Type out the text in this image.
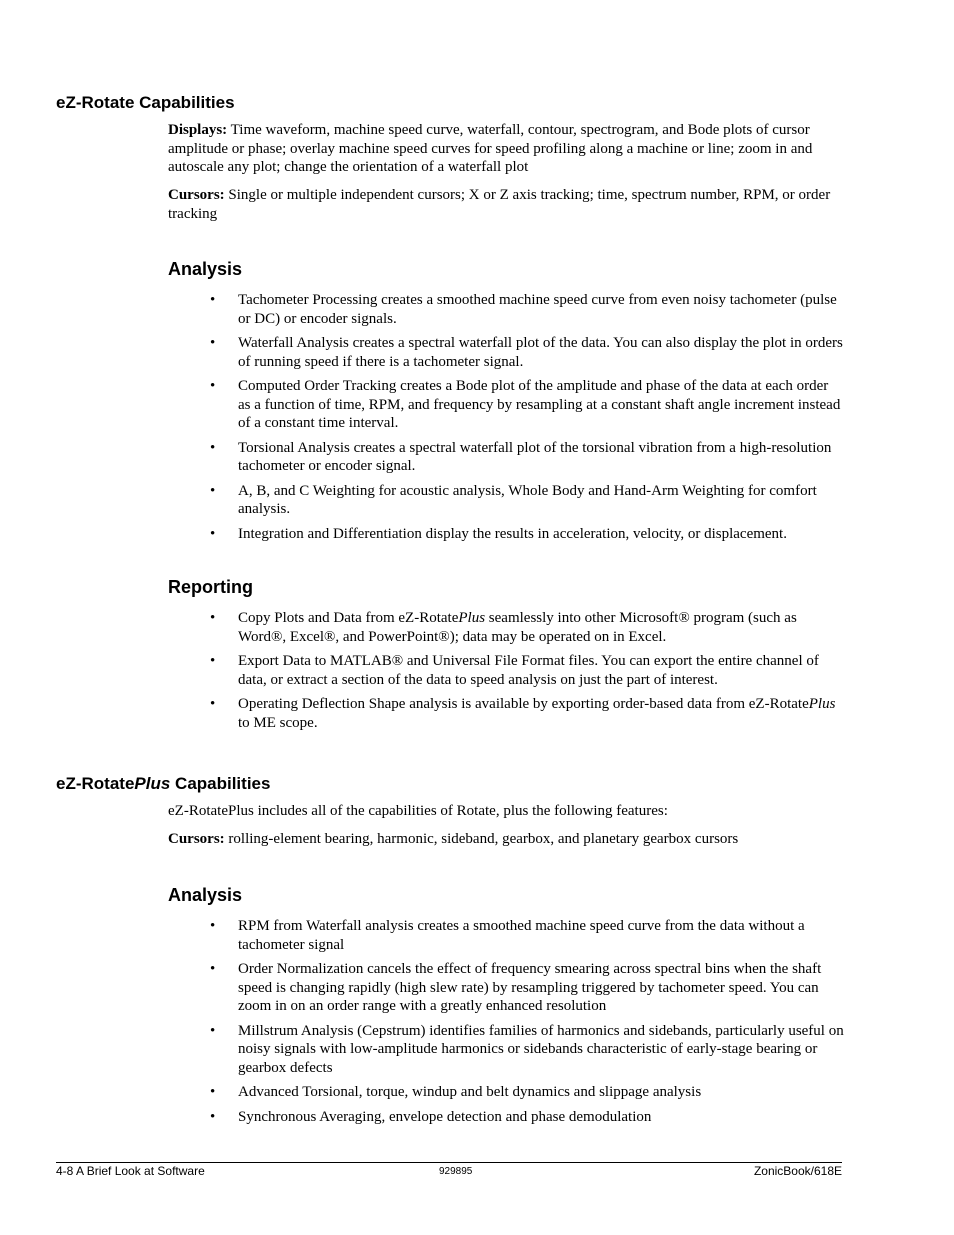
eZ-Rotate Capabilities

Displays: Time waveform, machine speed curve, waterfall, contour, spectrogram, and Bode plots of cursor amplitude or phase; overlay machine speed curves for speed profiling along a machine or line; zoom in and autoscale any plot; change the orientation of a waterfall plot

Cursors: Single or multiple independent cursors; X or Z axis tracking; time, spectrum number, RPM, or order tracking

Analysis
• Tachometer Processing creates a smoothed machine speed curve from even noisy tachometer (pulse or DC) or encoder signals.
• Waterfall Analysis creates a spectral waterfall plot of the data. You can also display the plot in orders of running speed if there is a tachometer signal.
• Computed Order Tracking creates a Bode plot of the amplitude and phase of the data at each order as a function of time, RPM, and frequency by resampling at a constant shaft angle increment instead of a constant time interval.
• Torsional Analysis creates a spectral waterfall plot of the torsional vibration from a high-resolution tachometer or encoder signal.
• A, B, and C Weighting for acoustic analysis, Whole Body and Hand-Arm Weighting for comfort analysis.
• Integration and Differentiation display the results in acceleration, velocity, or displacement.
Reporting
• Copy Plots and Data from eZ-RotatePlus seamlessly into other Microsoft® program (such as Word®, Excel®, and PowerPoint®); data may be operated on in Excel.
• Export Data to MATLAB® and Universal File Format files. You can export the entire channel of data, or extract a section of the data to speed analysis on just the part of interest.
• Operating Deflection Shape analysis is available by exporting order-based data from eZ-RotatePlus to ME scope.
eZ-RotatePlus Capabilities

eZ-RotatePlus includes all of the capabilities of Rotate, plus the following features:

Cursors: rolling-element bearing, harmonic, sideband, gearbox, and planetary gearbox cursors

Analysis
• RPM from Waterfall analysis creates a smoothed machine speed curve from the data without a tachometer signal
• Order Normalization cancels the effect of frequency smearing across spectral bins when the shaft speed is changing rapidly (high slew rate) by resampling triggered by tachometer speed. You can zoom in on an order range with a greatly enhanced resolution
• Millstrum Analysis (Cepstrum) identifies families of harmonics and sidebands, particularly useful on noisy signals with low-amplitude harmonics or sidebands characteristic of early-stage bearing or gearbox defects
• Advanced Torsional, torque, windup and belt dynamics and slippage analysis
• Synchronous Averaging, envelope detection and phase demodulation
4-8 A Brief Look at Software	929895	ZonicBook/618E
